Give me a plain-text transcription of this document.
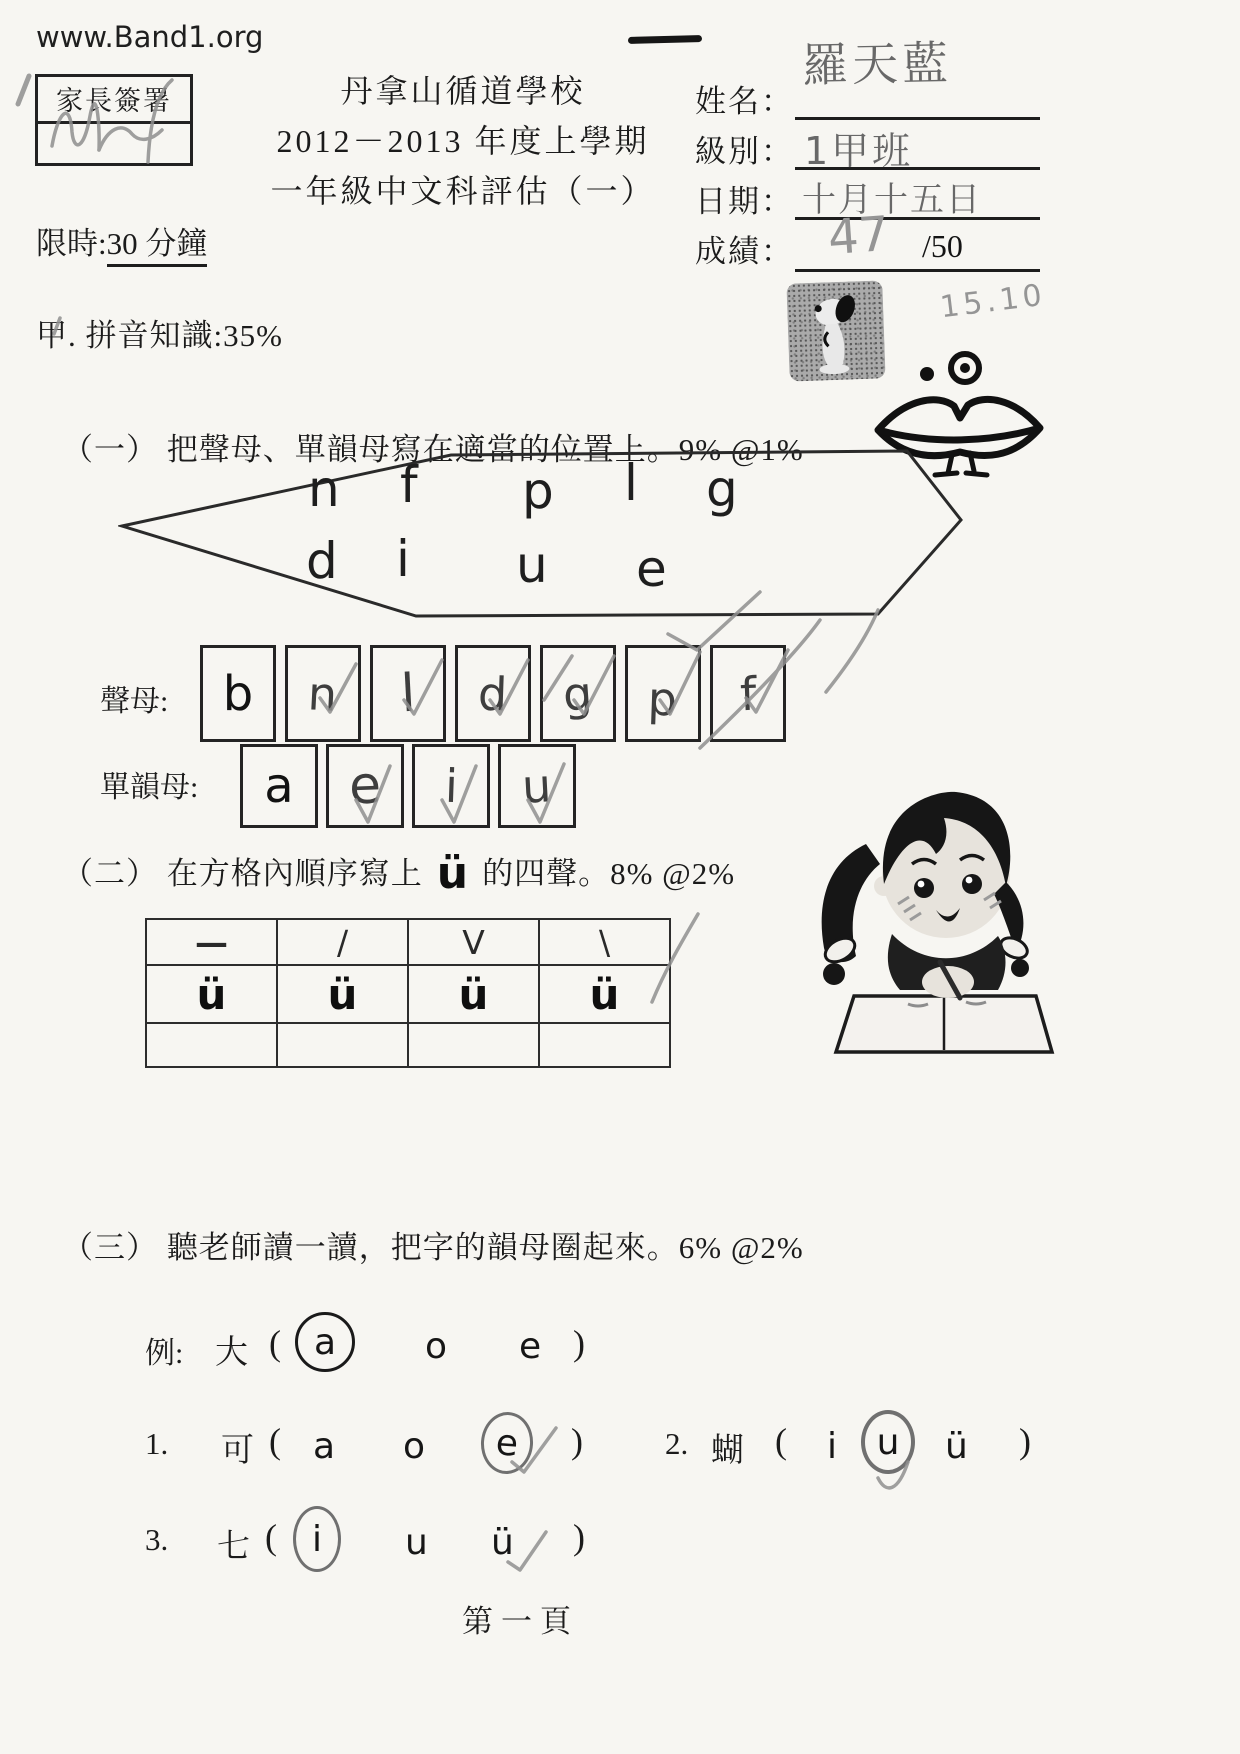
www.Band1.org
家長簽署	丹拿山循道學校
2012－2013 年度上學期
一年級中文科評估（一）
姓名：
羅天藍
級別： 1甲班
日期： 十月十五日
成績： 47 /50
限時:30 分鐘
15.10
甲. 拼音知識:35%
（一） 把聲母、單韻母寫在適當的位置上。9% @1%
n f p l g
d i u e
聲母: b n l d g p f
單韻母: a e i u
（二） 在方格內順序寫上 ü 的四聲。8% @2%
—	/	V	\
ü	ü	ü	ü

（三） 聽老師讀一讀，把字的韻母圈起來。6% @2%
例: 大 ( a o e )
1. 可 ( a o e )	2. 蝴 ( i u ü )
3. 七 ( i u ü )
第一頁
